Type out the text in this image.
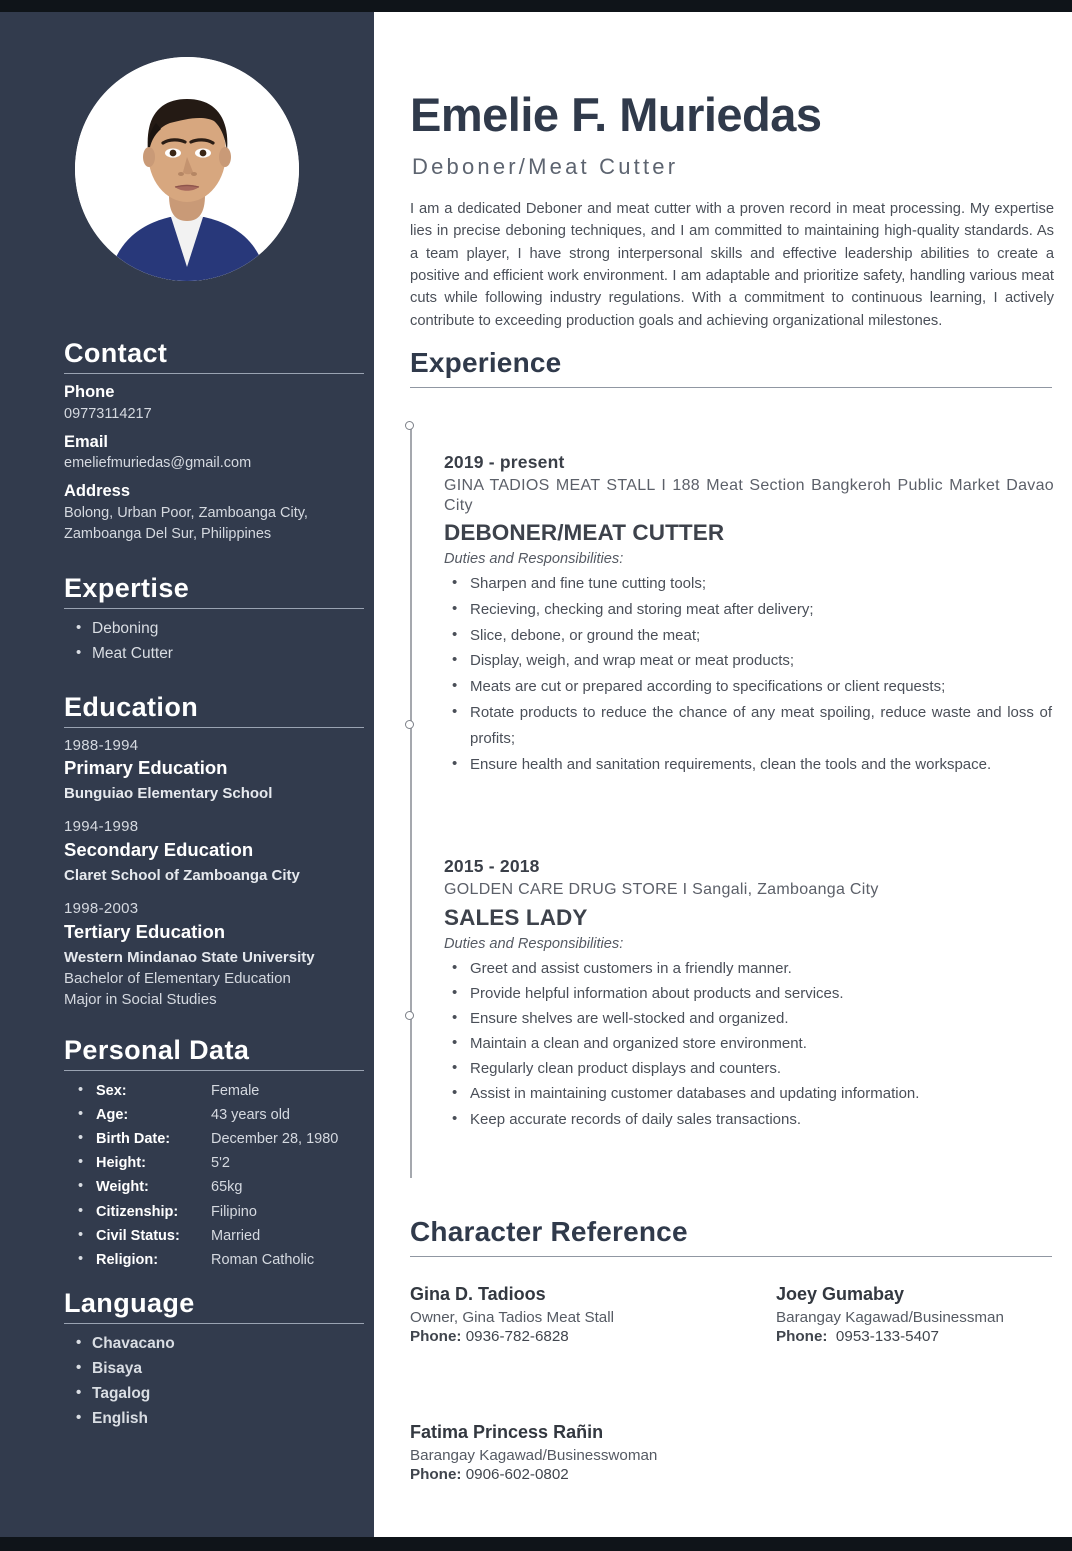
Contact
Phone
09773114217
Email
emeliefmuriedas@gmail.com
Address
Bolong, Urban Poor, Zamboanga City,
Zamboanga Del Sur, Philippines
Expertise
• Deboning
• Meat Cutter
Education
1988-1994
Primary Education
Bunguiao Elementary School
1994-1998
Secondary Education
Claret School of Zamboanga City
1998-2003
Tertiary Education
Western Mindanao State University
Bachelor of Elementary Education
Major in Social Studies
Personal Data
• Sex:	Female
• Age:	43 years old
• Birth Date:	December 28, 1980
• Height:	5'2
• Weight:	65kg
• Citizenship: Filipino
• Civil Status: Married
• Religion:	Roman Catholic
Language
• Chavacano
• Bisaya
• Tagalog
• English
Emelie F. Muriedas
Deboner/Meat Cutter

I am a dedicated Deboner and meat cutter with a proven record in meat processing. My expertise lies in precise deboning techniques, and I am committed to maintaining high-quality standards. As a team player, I have strong interpersonal skills and effective leadership abilities to create a positive and efficient work environment. I am adaptable and prioritize safety, handling various meat cuts while following industry regulations. With a commitment to continuous learning, I actively contribute to exceeding production goals and achieving organizational milestones.

Experience
2019 - present
GINA TADIOS MEAT STALL I 188 Meat Section Bangkeroh Public Market Davao City
DEBONER/MEAT CUTTER
Duties and Responsibilities:
• Sharpen and fine tune cutting tools;
• Recieving, checking and storing meat after delivery;
• Slice, debone, or ground the meat;
• Display, weigh, and wrap meat or meat products;
• Meats are cut or prepared according to specifications or client requests;
• Rotate products to reduce the chance of any meat spoiling, reduce waste and loss of profits;
• Ensure health and sanitation requirements, clean the tools and the workspace.
2015 - 2018
GOLDEN CARE DRUG STORE I Sangali, Zamboanga City
SALES LADY
Duties and Responsibilities:
• Greet and assist customers in a friendly manner.
• Provide helpful information about products and services.
• Ensure shelves are well-stocked and organized.
• Maintain a clean and organized store environment.
• Regularly clean product displays and counters.
• Assist in maintaining customer databases and updating information.
• Keep accurate records of daily sales transactions.
Character Reference
Gina D. Tadioos
Owner, Gina Tadios Meat Stall
Phone: 0936-782-6828
Joey Gumabay
Barangay Kagawad/Businessman
Phone: 0953-133-5407
Fatima Princess Rañin
Barangay Kagawad/Businesswoman
Phone: 0906-602-0802
